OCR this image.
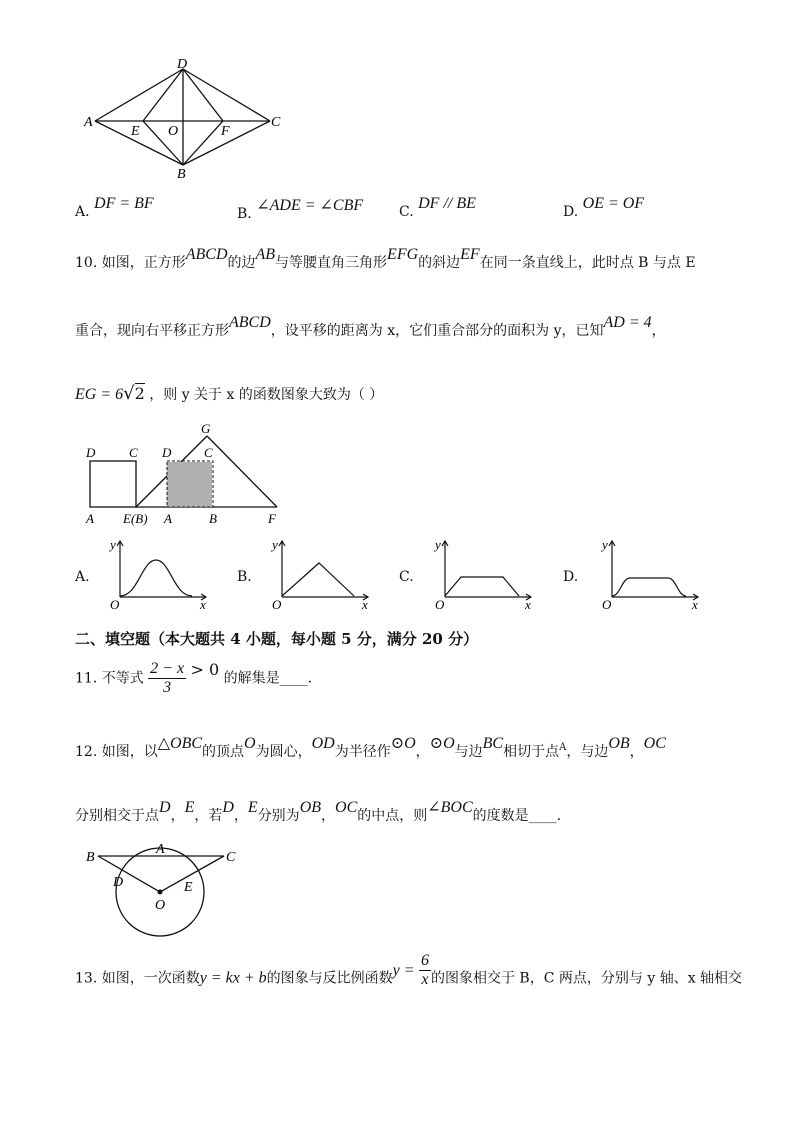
D
A
E O	F
C
B
A. DF = BF
B. ∠ADE = ∠CBF	C. DF // BE	D. OE = OF
10. 如图，正方形ABCD的边AB与等腰直角三角形EFG的斜边EF在同一条直线上，此时点 B 与点 E
重合，现向右平移正方形ABCD，设平移的距离为 x，它们重合部分的面积为 y，已知AD = 4，
EG = 6√2 ，则 y 关于 x 的函数图象大致为（ ）
D	C
A E(B)
D	C
G
A	B	F
A.
y
O	x
B.
y
O	x
C.
y
O	x
D.
y
O	x
二、填空题（本大题共 4 小题，每小题 5 分，满分 20 分）
11. 不等式 $\frac{2 - x}{3} > 0$ 的解集是____.
12. 如图，以△OBC的顶点O为圆心，OD为半径作⊙O，⊙O与边BC相切于点$^A$，与边OB，OC
分别相交于点D，E，若D，E分别为OB，OC的中点，则∠BOC的度数是____.
B
A
C
D	E
O
13. 如图，一次函数y = kx + b的图象与反比例函数$y = \frac{6}{x}$ 的图象相交于 B，C 两点，分别与 y 轴、x 轴相交
